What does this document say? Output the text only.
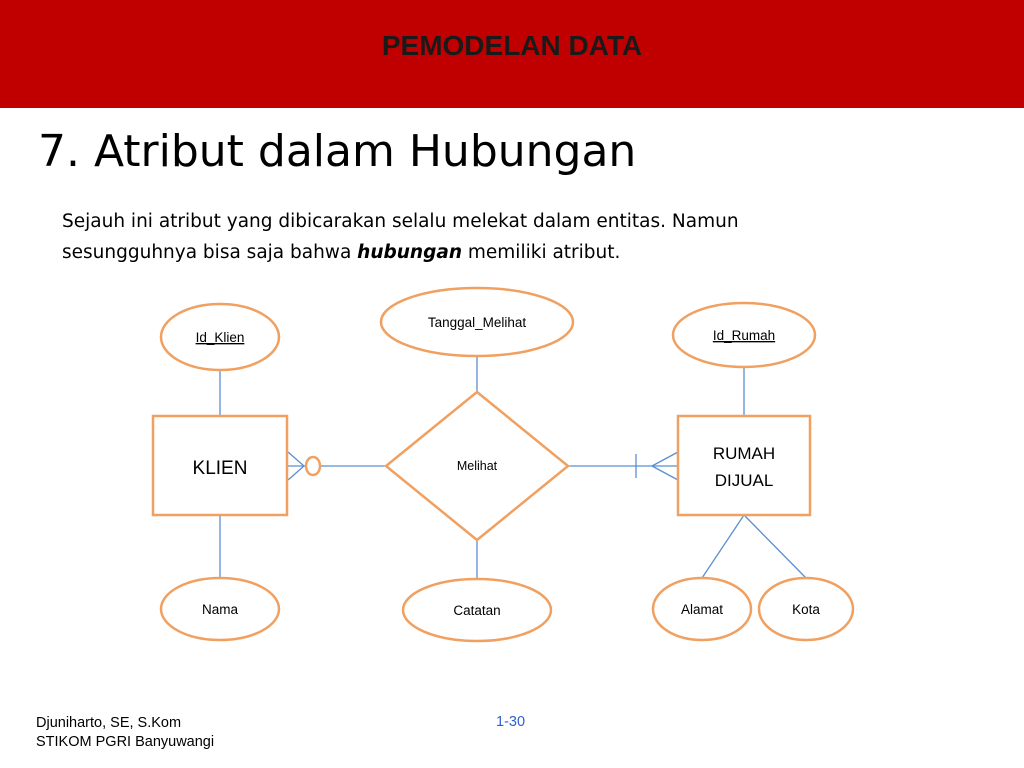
PEMODELAN DATA
7. Atribut dalam Hubungan
Sejauh ini atribut yang dibicarakan selalu melekat dalam entitas. Namun
sesungguhnya bisa saja bahwa hubungan memiliki atribut.
KLIEN
RUMAH
DIJUAL
Melihat
Id_Klien
Tanggal_Melihat
Id_Rumah
Nama	Catatan	Alamat	Kota
Djuniharto, SE, S.Kom
STIKOM PGRI Banyuwangi
1-30
